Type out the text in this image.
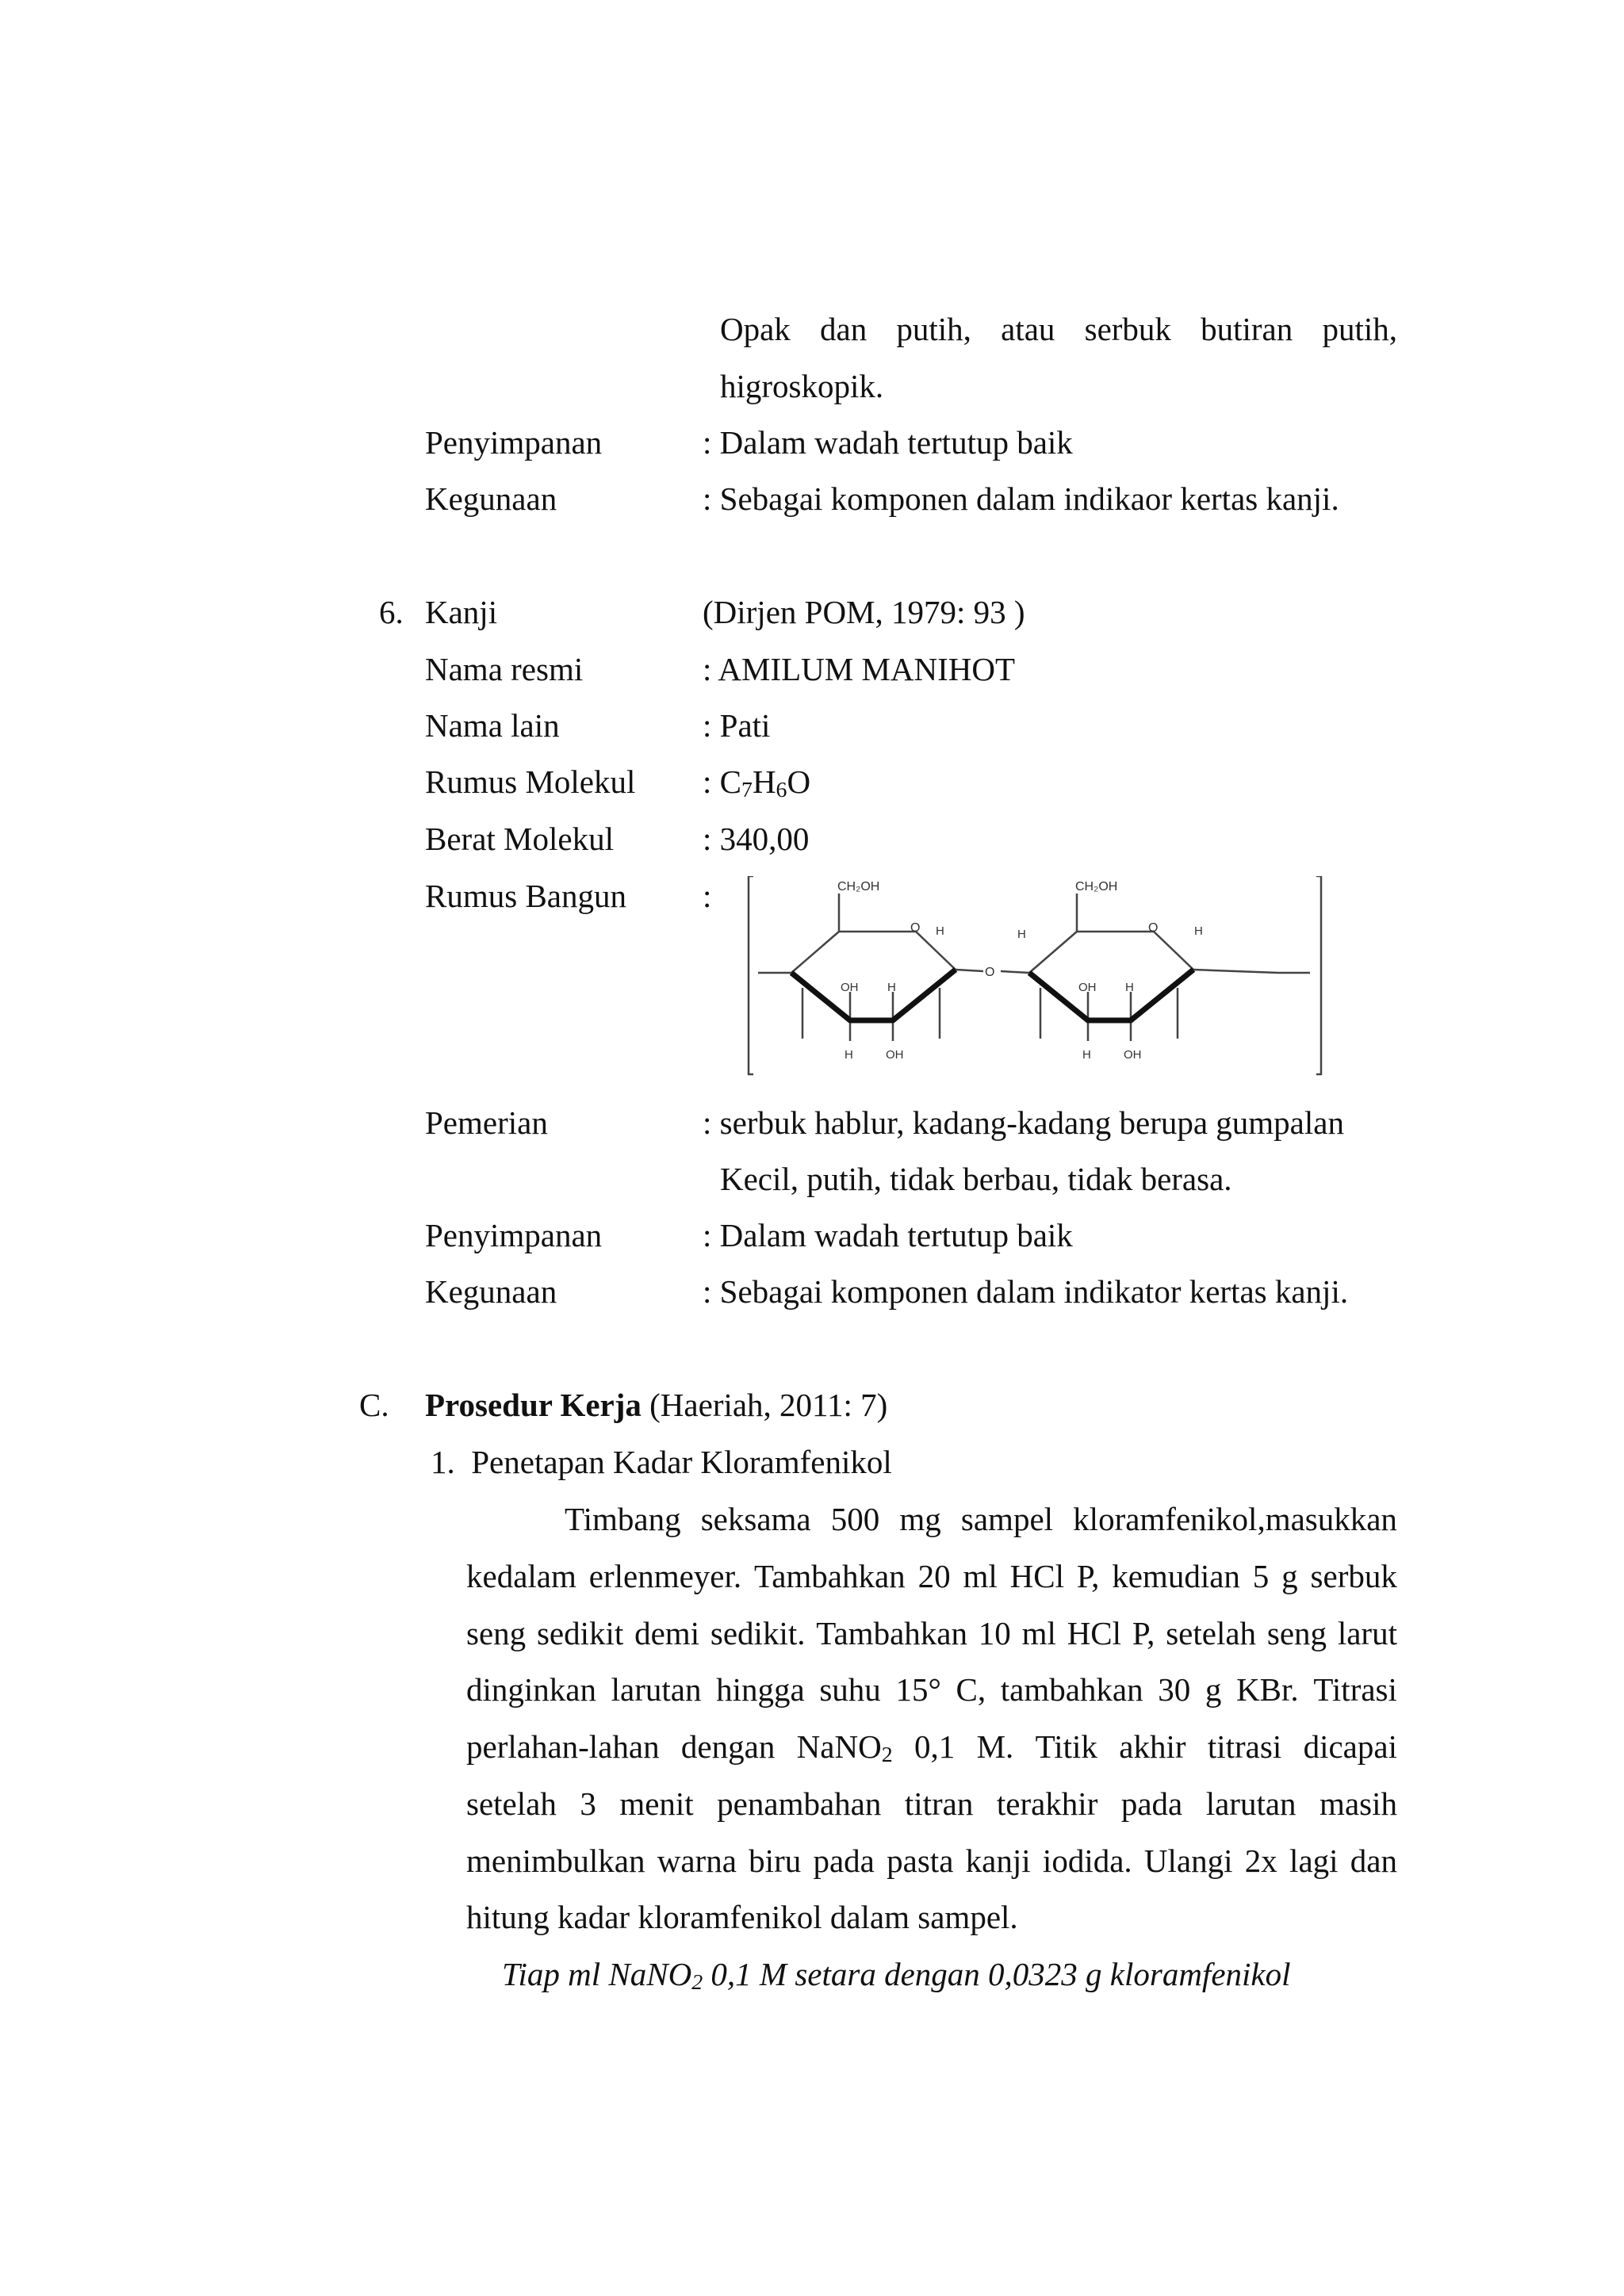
Opak dan putih, atau serbuk butiran putih,
higroskopik.
Penyimpanan	: Dalam wadah tertutup baik
Kegunaan	: Sebagai komponen dalam indikaor kertas kanji.
6. Kanji	(Dirjen POM, 1979: 93 )
Nama resmi	: AMILUM MANIHOT
Nama lain	: Pati
Rumus Molekul : $C_7H_6O$
Berat Molekul	: 340,00
Rumus Bangun :	CH₂OH
O
O
OH H
H
H	OH
CH₂OH
O
H
OH H
H
H	OH
Pemerian	: serbuk hablur, kadang-kadang berupa gumpalan
Kecil, putih, tidak berbau, tidak berasa.
Penyimpanan	: Dalam wadah tertutup baik
Kegunaan	: Sebagai komponen dalam indikator kertas kanji.
C. Prosedur Kerja (Haeriah, 2011: 7)
1. Penetapan Kadar Kloramfenikol
Timbang seksama 500 mg sampel kloramfenikol,masukkan
kedalam erlenmeyer. Tambahkan 20 ml HCl P, kemudian 5 g serbuk
seng sedikit demi sedikit. Tambahkan 10 ml HCl P, setelah seng larut
dinginkan larutan hingga suhu 15° C, tambahkan 30 g KBr. Titrasi
perlahan-lahan dengan NaNO$_2$ 0,1 M. Titik akhir titrasi dicapai
setelah 3 menit penambahan titran terakhir pada larutan masih
menimbulkan warna biru pada pasta kanji iodida. Ulangi 2x lagi dan
hitung kadar kloramfenikol dalam sampel.
Tiap ml NaNO$_2$ 0,1 M setara dengan 0,0323 g kloramfenikol
